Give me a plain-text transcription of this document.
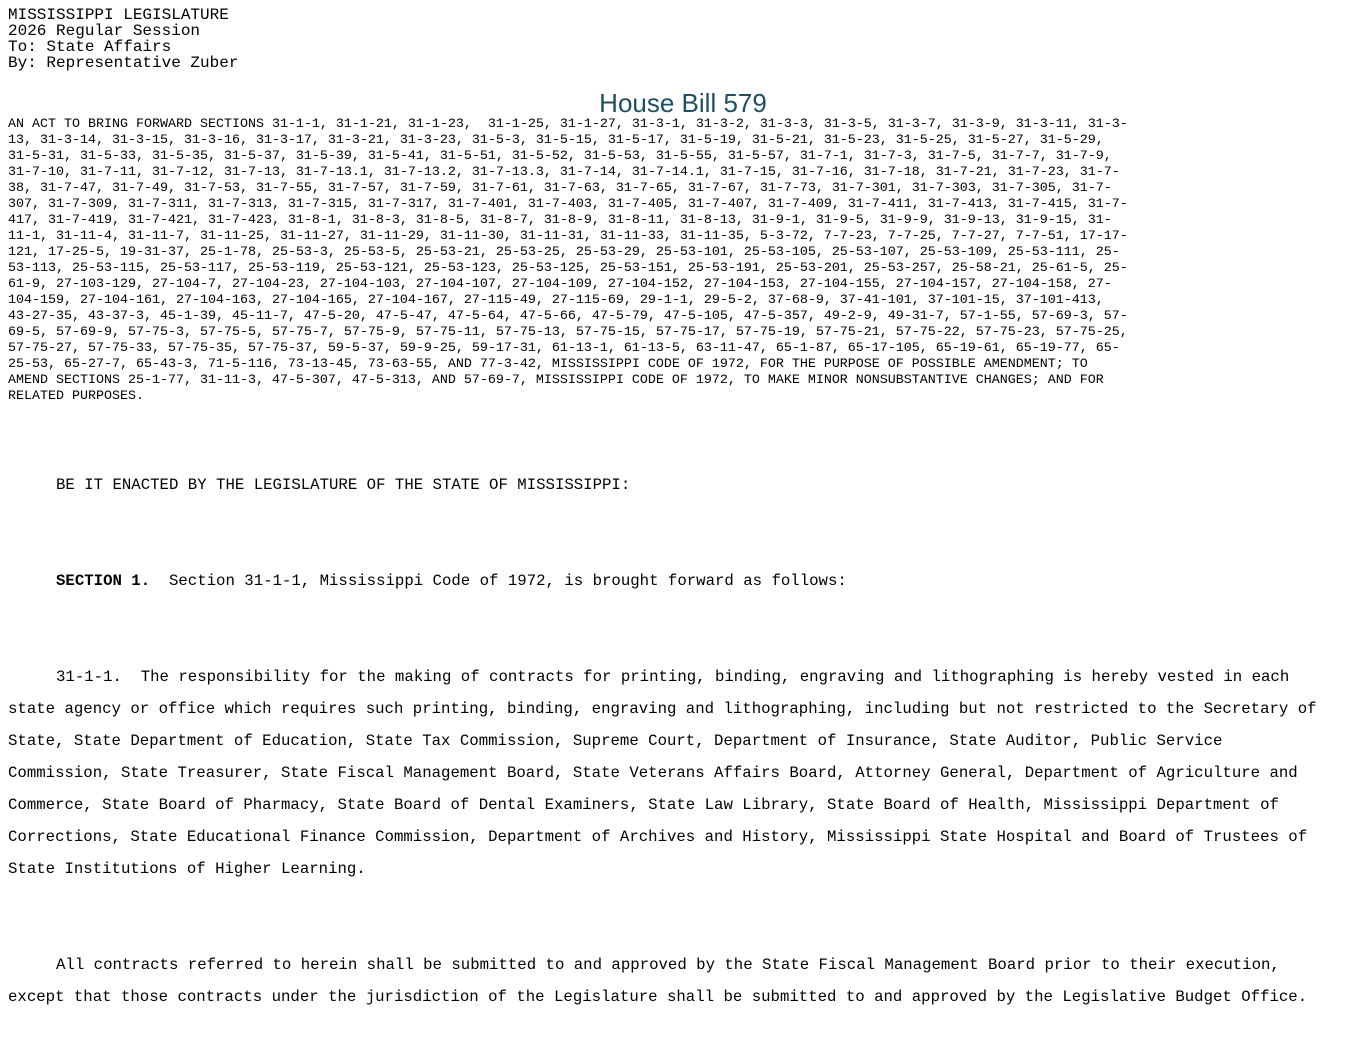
MISSISSIPPI LEGISLATURE
2026 Regular Session
To: State Affairs
By: Representative Zuber
House Bill 579
AN ACT TO BRING FORWARD SECTIONS 31-1-1, 31-1-21, 31-1-23,  31-1-25, 31-1-27, 31-3-1, 31-3-2, 31-3-3, 31-3-5, 31-3-7, 31-3-9, 31-3-11, 31-3-
13, 31-3-14, 31-3-15, 31-3-16, 31-3-17, 31-3-21, 31-3-23, 31-5-3, 31-5-15, 31-5-17, 31-5-19, 31-5-21, 31-5-23, 31-5-25, 31-5-27, 31-5-29,
31-5-31, 31-5-33, 31-5-35, 31-5-37, 31-5-39, 31-5-41, 31-5-51, 31-5-52, 31-5-53, 31-5-55, 31-5-57, 31-7-1, 31-7-3, 31-7-5, 31-7-7, 31-7-9,
31-7-10, 31-7-11, 31-7-12, 31-7-13, 31-7-13.1, 31-7-13.2, 31-7-13.3, 31-7-14, 31-7-14.1, 31-7-15, 31-7-16, 31-7-18, 31-7-21, 31-7-23, 31-7-
38, 31-7-47, 31-7-49, 31-7-53, 31-7-55, 31-7-57, 31-7-59, 31-7-61, 31-7-63, 31-7-65, 31-7-67, 31-7-73, 31-7-301, 31-7-303, 31-7-305, 31-7-
307, 31-7-309, 31-7-311, 31-7-313, 31-7-315, 31-7-317, 31-7-401, 31-7-403, 31-7-405, 31-7-407, 31-7-409, 31-7-411, 31-7-413, 31-7-415, 31-7-
417, 31-7-419, 31-7-421, 31-7-423, 31-8-1, 31-8-3, 31-8-5, 31-8-7, 31-8-9, 31-8-11, 31-8-13, 31-9-1, 31-9-5, 31-9-9, 31-9-13, 31-9-15, 31-
11-1, 31-11-4, 31-11-7, 31-11-25, 31-11-27, 31-11-29, 31-11-30, 31-11-31, 31-11-33, 31-11-35, 5-3-72, 7-7-23, 7-7-25, 7-7-27, 7-7-51, 17-17-
121, 17-25-5, 19-31-37, 25-1-78, 25-53-3, 25-53-5, 25-53-21, 25-53-25, 25-53-29, 25-53-101, 25-53-105, 25-53-107, 25-53-109, 25-53-111, 25-
53-113, 25-53-115, 25-53-117, 25-53-119, 25-53-121, 25-53-123, 25-53-125, 25-53-151, 25-53-191, 25-53-201, 25-53-257, 25-58-21, 25-61-5, 25-
61-9, 27-103-129, 27-104-7, 27-104-23, 27-104-103, 27-104-107, 27-104-109, 27-104-152, 27-104-153, 27-104-155, 27-104-157, 27-104-158, 27-
104-159, 27-104-161, 27-104-163, 27-104-165, 27-104-167, 27-115-49, 27-115-69, 29-1-1, 29-5-2, 37-68-9, 37-41-101, 37-101-15, 37-101-413,
43-27-35, 43-37-3, 45-1-39, 45-11-7, 47-5-20, 47-5-47, 47-5-64, 47-5-66, 47-5-79, 47-5-105, 47-5-357, 49-2-9, 49-31-7, 57-1-55, 57-69-3, 57-
69-5, 57-69-9, 57-75-3, 57-75-5, 57-75-7, 57-75-9, 57-75-11, 57-75-13, 57-75-15, 57-75-17, 57-75-19, 57-75-21, 57-75-22, 57-75-23, 57-75-25,
57-75-27, 57-75-33, 57-75-35, 57-75-37, 59-5-37, 59-9-25, 59-17-31, 61-13-1, 61-13-5, 63-11-47, 65-1-87, 65-17-105, 65-19-61, 65-19-77, 65-
25-53, 65-27-7, 65-43-3, 71-5-116, 73-13-45, 73-63-55, AND 77-3-42, MISSISSIPPI CODE OF 1972, FOR THE PURPOSE OF POSSIBLE AMENDMENT; TO
AMEND SECTIONS 25-1-77, 31-11-3, 47-5-307, 47-5-313, AND 57-69-7, MISSISSIPPI CODE OF 1972, TO MAKE MINOR NONSUBSTANTIVE CHANGES; AND FOR
RELATED PURPOSES.

BE IT ENACTED BY THE LEGISLATURE OF THE STATE OF MISSISSIPPI:

SECTION 1.  Section 31-1-1, Mississippi Code of 1972, is brought forward as follows:

31-1-1.  The responsibility for the making of contracts for printing, binding, engraving and lithographing is hereby vested in each
state agency or office which requires such printing, binding, engraving and lithographing, including but not restricted to the Secretary of
State, State Department of Education, State Tax Commission, Supreme Court, Department of Insurance, State Auditor, Public Service
Commission, State Treasurer, State Fiscal Management Board, State Veterans Affairs Board, Attorney General, Department of Agriculture and
Commerce, State Board of Pharmacy, State Board of Dental Examiners, State Law Library, State Board of Health, Mississippi Department of
Corrections, State Educational Finance Commission, Department of Archives and History, Mississippi State Hospital and Board of Trustees of
State Institutions of Higher Learning.

All contracts referred to herein shall be submitted to and approved by the State Fiscal Management Board prior to their execution,
except that those contracts under the jurisdiction of the Legislature shall be submitted to and approved by the Legislative Budget Office.
